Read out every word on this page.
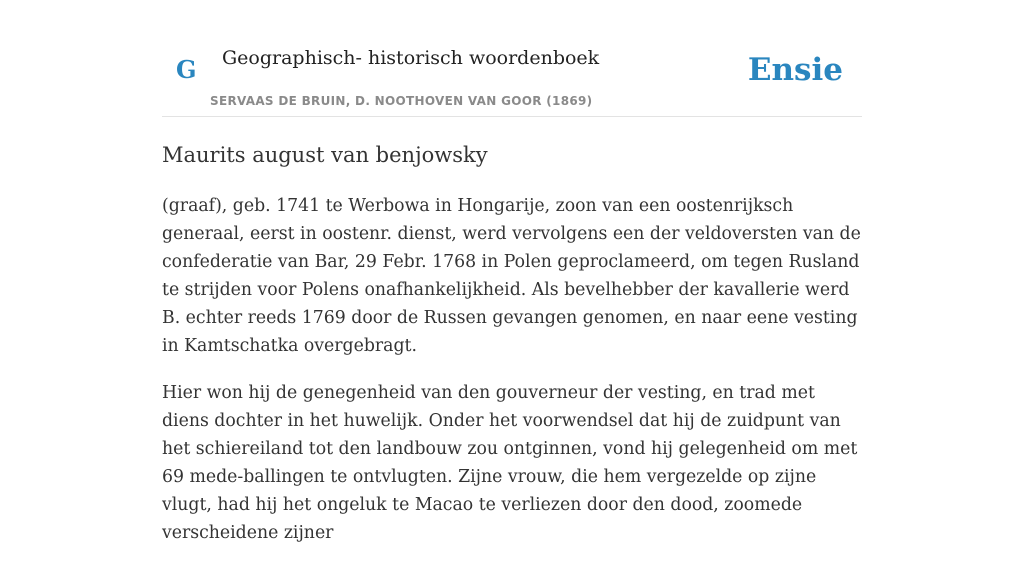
G Geographisch- historisch woordenboek
SERVAAS DE BRUIN, D. NOOTHOVEN VAN GOOR (1869)
Ensie
Maurits august van benjowsky

(graaf), geb. 1741 te Werbowa in Hongarije, zoon van een oostenrijksch generaal, eerst in oostenr. dienst, werd vervolgens een der veldoversten van de confederatie van Bar, 29 Febr. 1768 in Polen geproclameerd, om tegen Rusland te strijden voor Polens onafhankelijkheid. Als bevelhebber der kavallerie werd B. echter reeds 1769 door de Russen gevangen genomen, en naar eene vesting in Kamtschatka overgebragt.

Hier won hij de genegenheid van den gouverneur der vesting, en trad met diens dochter in het huwelijk. Onder het voorwendsel dat hij de zuidpunt van het schiereiland tot den landbouw zou ontginnen, vond hij gelegenheid om met 69 mede-ballingen te ontvlugten. Zijne vrouw, die hem vergezelde op zijne vlugt, had hij het ongeluk te Macao te verliezen door den dood, zoomede verscheidene zijner
